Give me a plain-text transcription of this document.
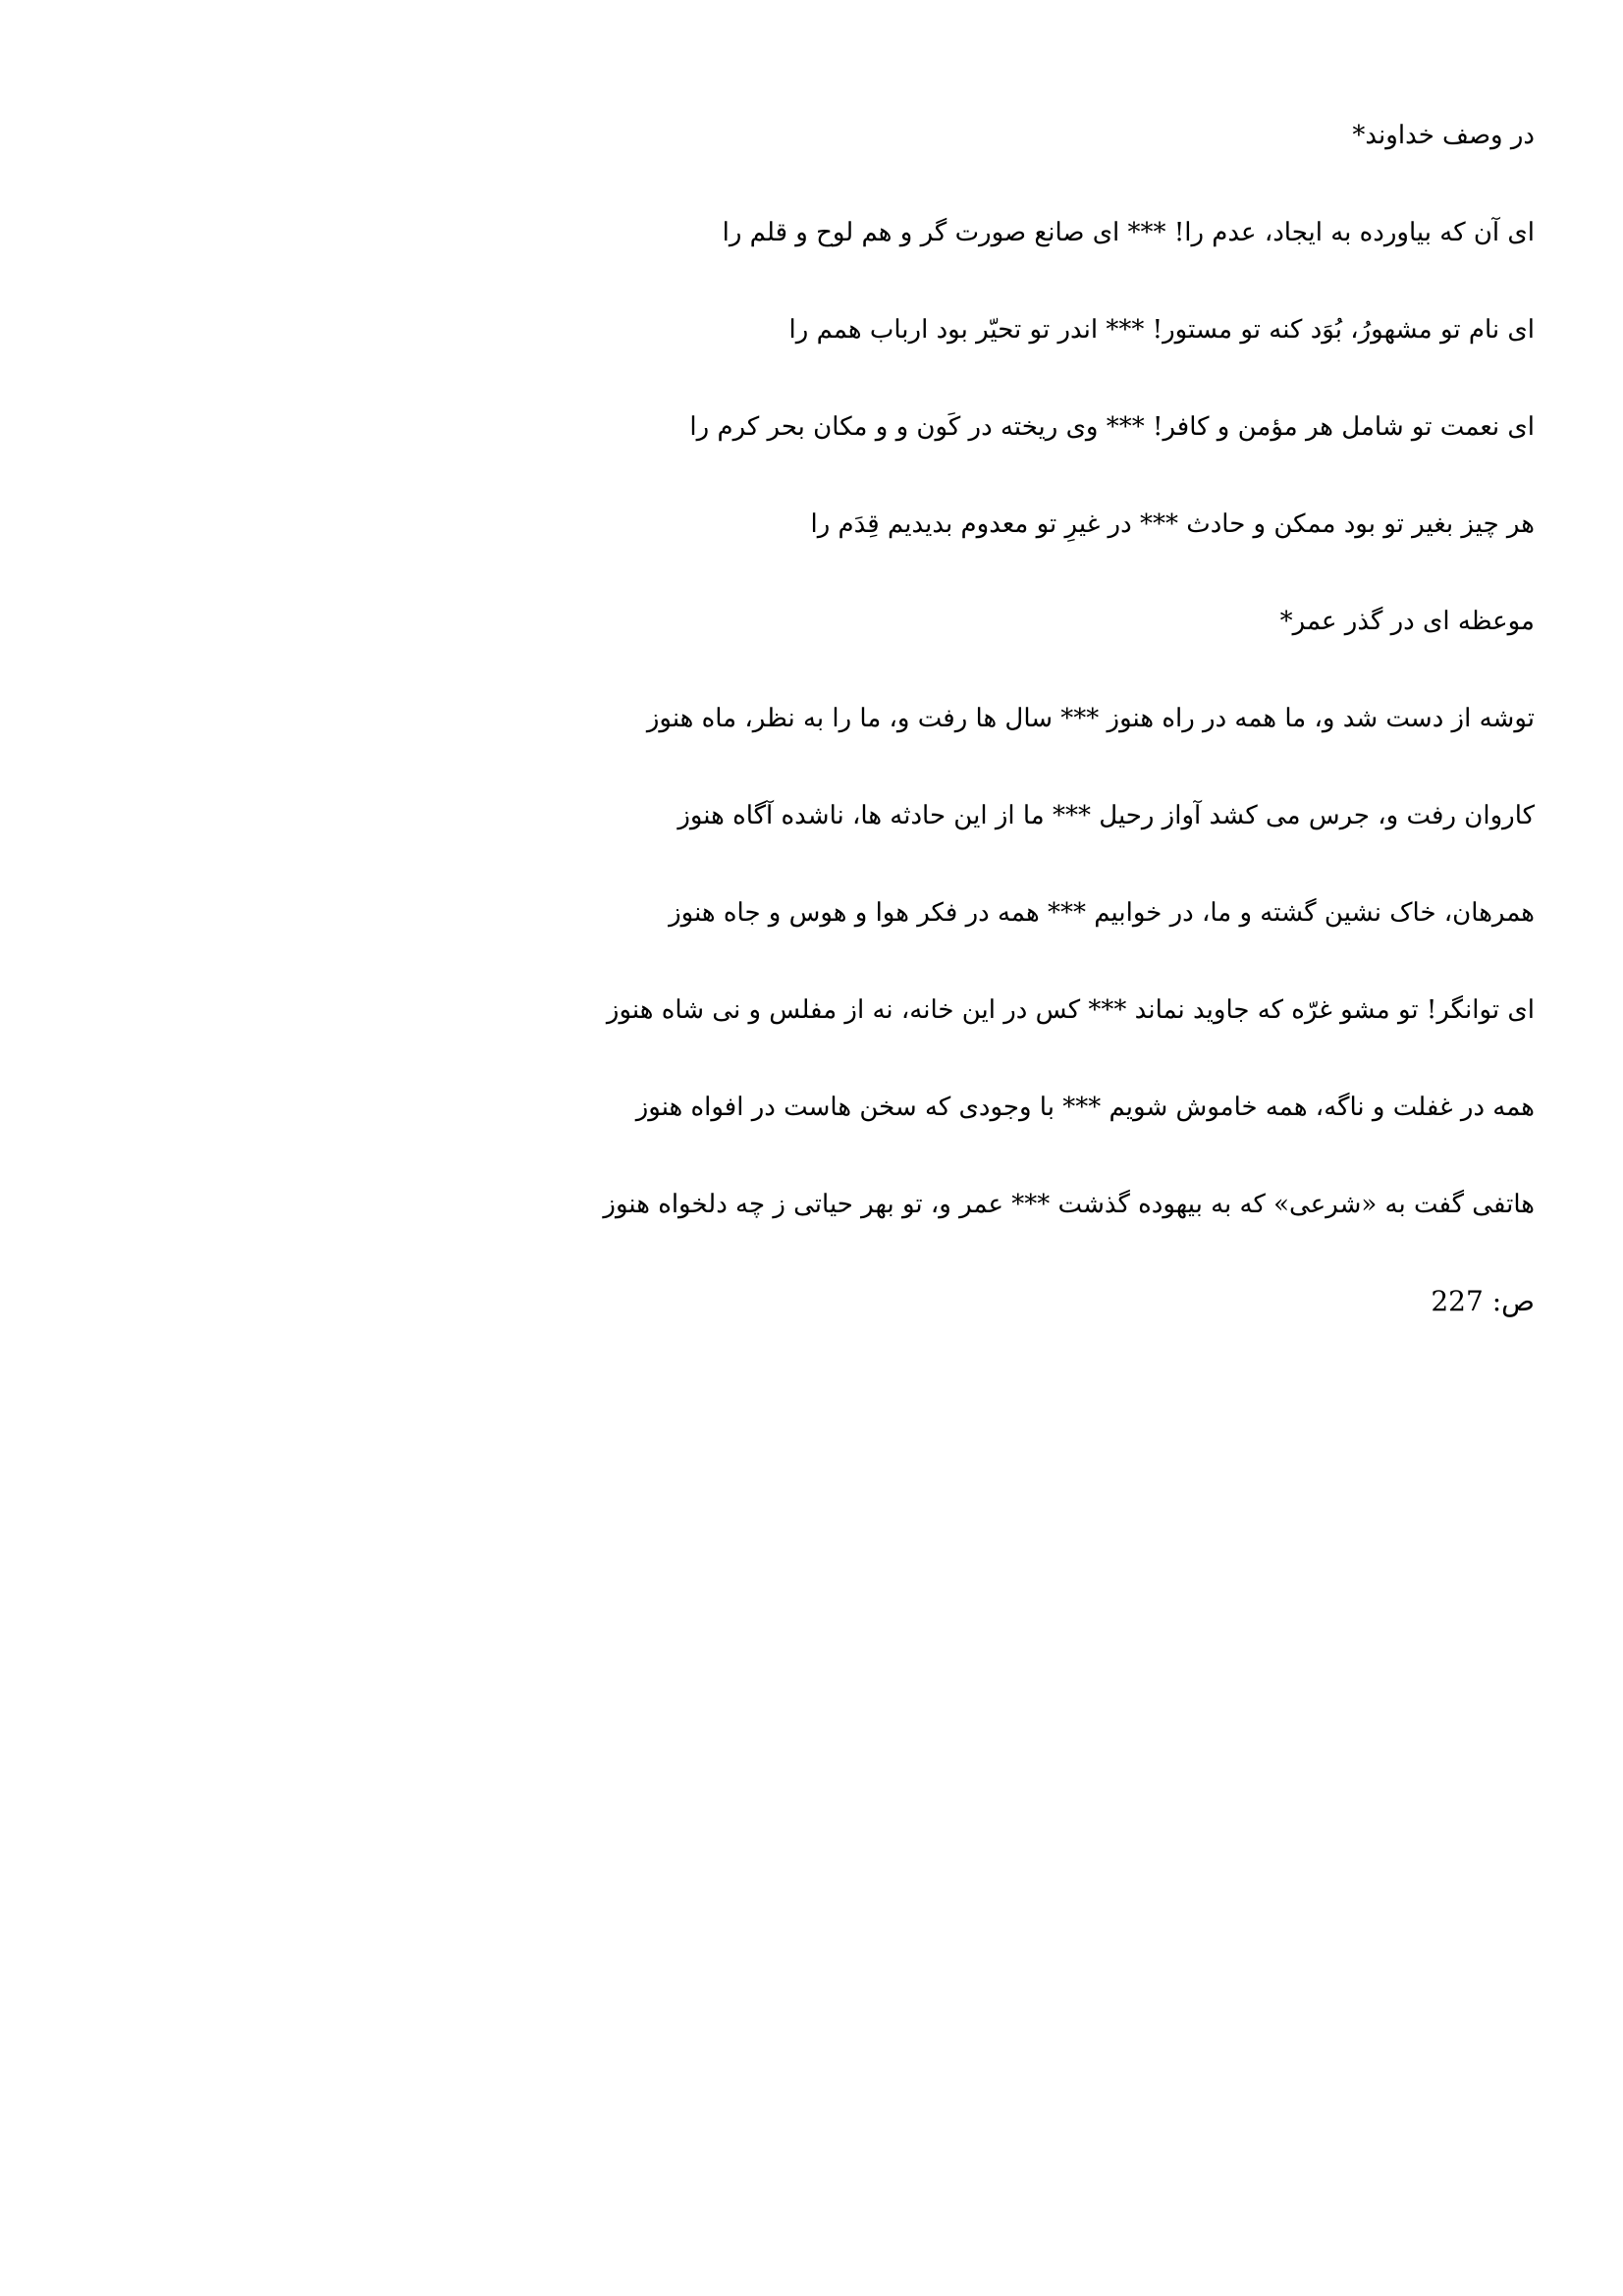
در وصف خداوند*

ای آن که بیاورده به ایجاد، عدم را! *** ای صانع صورت گر و هم لوح و قلم را

ای نام تو مشهورُ، بُوَد کنه تو مستور! *** اندر تو تحیّر بود ارباب همم را

ای نعمت تو شامل هر مؤمن و کافر! *** وی ریخته در کَون و و مکان بحر کرم را

هر چیز بغیر تو بود ممکن و حادث *** در غیرِ تو معدوم بدیدیم قِدَم را

موعظه ای در گذر عمر*

توشه از دست شد و، ما همه در راه هنوز *** سال ها رفت و، ما را به نظر، ماه هنوز

کاروان رفت و، جرس می کشد آواز رحیل *** ما از این حادثه ها، ناشده آگاه هنوز

همرهان، خاک نشین گشته و ما، در خوابیم *** همه در فکر هوا و هوس و جاه هنوز

ای توانگر! تو مشو غرّه که جاوید نماند *** کس در این خانه، نه از مفلس و نی شاه هنوز

همه در غفلت و ناگه، همه خاموش شویم *** با وجودی که سخن هاست در افواه هنوز

هاتفی گفت به «شرعی» که به بیهوده گذشت *** عمر و، تو بهر حیاتی ز چه دلخواه هنوز

ص: 227
